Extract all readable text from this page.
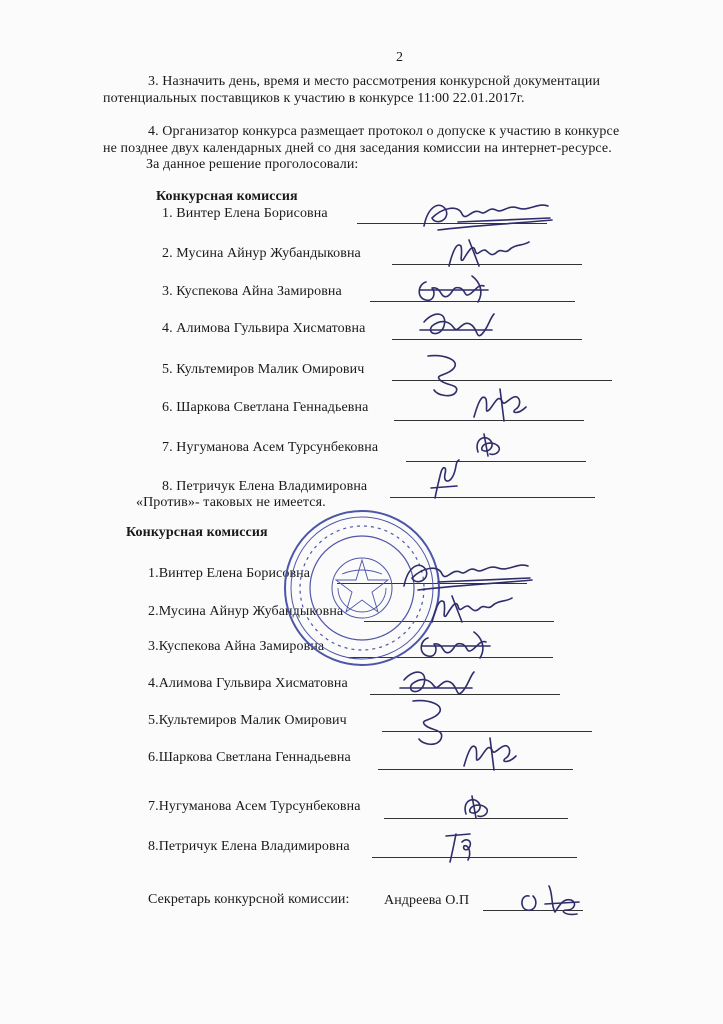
2
3. Назначить день, время и место рассмотрения конкурсной документации
потенциальных поставщиков к участию в конкурсе 11:00 22.01.2017г.
4. Организатор конкурса размещает протокол о допуске к участию в конкурсе
не позднее двух календарных дней со дня заседания комиссии на интернет-ресурсе.
За данное решение проголосовали:
Конкурсная комиссия
1. Винтер Елена Борисовна
2. Мусина Айнур Жубандыковна
3. Куспекова Айна Замировна
4. Алимова Гульвира Хисматовна
5. Культемиров Малик Омирович
6. Шаркова Светлана Геннадьевна
7. Нугуманова Асем Турсунбековна
8. Петричук Елена Владимировна
«Против»- таковых не имеется.
Конкурсная комиссия
1.Винтер Елена Борисовна
2.Мусина Айнур Жубандыковна
3.Куспекова Айна Замировна
4.Алимова Гульвира Хисматовна
5.Культемиров Малик Омирович
6.Шаркова Светлана Геннадьевна
7.Нугуманова Асем Турсунбековна
8.Петричук Елена Владимировна
Секретарь конкурсной комиссии: Андреева О.П
